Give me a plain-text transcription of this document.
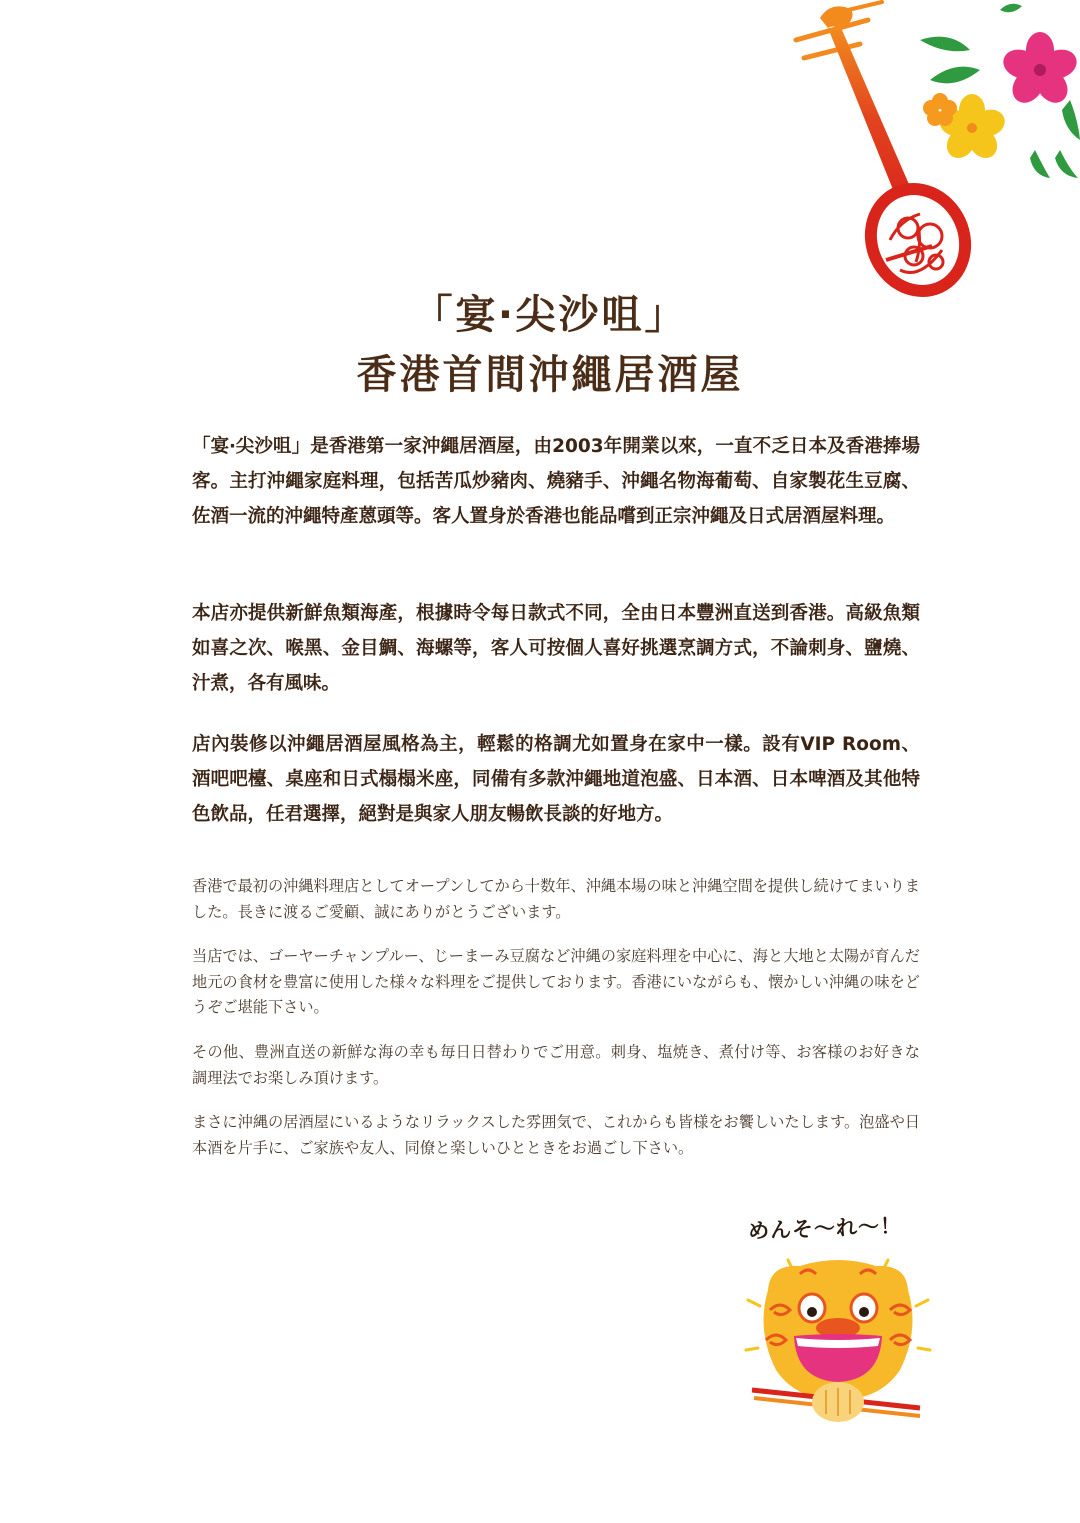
「宴‧尖沙咀」
香港首間沖繩居酒屋

「宴‧尖沙咀」是香港第一家沖繩居酒屋，由2003年開業以來，一直不乏日本及香港捧場客。主打沖繩家庭料理，包括苦瓜炒豬肉、燒豬手、沖繩名物海葡萄、自家製花生豆腐、佐酒一流的沖繩特產蒽頭等。客人置身於香港也能品嚐到正宗沖繩及日式居酒屋料理。

本店亦提供新鮮魚類海產，根據時令每日款式不同，全由日本豐洲直送到香港。高級魚類如喜之次、喉黑、金目鯛、海螺等，客人可按個人喜好挑選烹調方式，不論刺身、鹽燒、汁煮，各有風味。

店內裝修以沖繩居酒屋風格為主，輕鬆的格調尤如置身在家中一樣。設有VIP Room、酒吧吧檯、桌座和日式榻榻米座，同備有多款沖繩地道泡盛、日本酒、日本啤酒及其他特色飲品，任君選擇，絕對是與家人朋友暢飲長談的好地方。

香港で最初の沖縄料理店としてオープンしてから十数年、沖縄本場の味と沖縄空間を提供し続けてまいりました。長きに渡るご愛顧、誠にありがとうございます。

当店では、ゴーヤーチャンプルー、じーまーみ豆腐など沖縄の家庭料理を中心に、海と大地と太陽が育んだ地元の食材を豊富に使用した様々な料理をご提供しております。香港にいながらも、懐かしい沖縄の味をどうぞご堪能下さい。

その他、豊洲直送の新鮮な海の幸も毎日日替わりでご用意。刺身、塩焼き、煮付け等、お客様のお好きな調理法でお楽しみ頂けます。

まさに沖縄の居酒屋にいるようなリラックスした雰囲気で、これからも皆様をお饗しいたします。泡盛や日本酒を片手に、ご家族や友人、同僚と楽しいひとときをお過ごし下さい。

めんそ～れ～！
